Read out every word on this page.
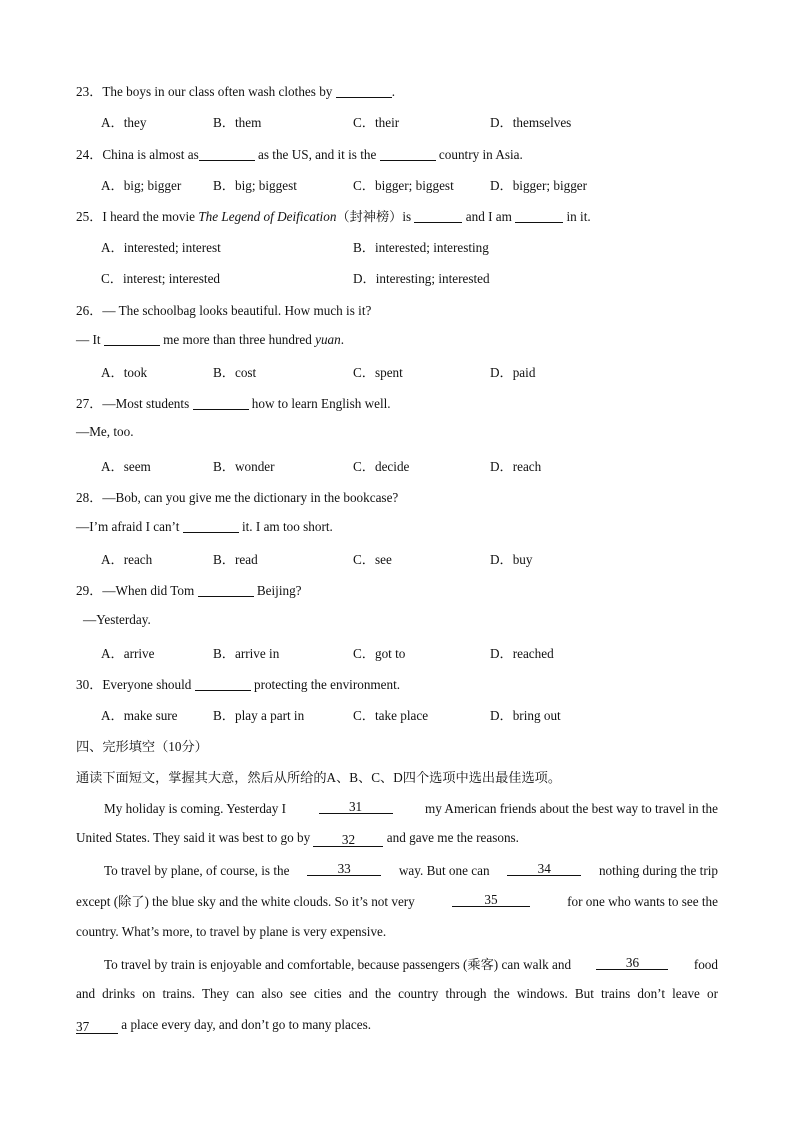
23．The boys in our class often wash clothes by	.
A．they	B．them	C．their	D．themselves
24．China is almost as	as the US, and it is the	country in Asia.
A．big; bigger B．big; biggest	C．bigger; biggest	D．bigger; bigger
25．I heard the movie The Legend of Deification（封神榜）is	and I am	in it.
A．interested; interest	B．interested; interesting
C．interest; interested	D．interesting; interested
26．— The schoolbag looks beautiful. How much is it?
— It	me more than three hundred yuan.
A．took	B．cost	C．spent	D．paid
27．—Most students	how to learn English well.
—Me, too.
A．seem	B．wonder	C．decide	D．reach
28．—Bob, can you give me the dictionary in the bookcase?
—I’m afraid I can’t	it. I am too short.
A．reach	B．read	C．see	D．buy
29．—When did Tom	Beijing?
—Yesterday.
A．arrive	B．arrive in	C．got to	D．reached
30．Everyone should	protecting the environment.
A．make sure	B．play a part in	C．take place	D．bring out
四、完形填空（10分）
通读下面短文，掌握其大意，然后从所给的A、B、C、D四个选项中选出最佳选项。
My holiday is coming. Yesterday I	31	my American friends about the best way to travel in the
United States. They said it was best to go by 32 and gave me the reasons.
To travel by plane, of course, is the	33	way. But one can	34	nothing during the trip
except (除了) the blue sky and the white clouds. So it’s not very	35	for one who wants to see the
country. What’s more, to travel by plane is very expensive.
To travel by train is enjoyable and comfortable, because passengers (乘客) can walk and	36	food
and drinks on trains. They can also see cities and the country through the windows. But trains don’t leave or
37 a place every day, and don’t go to many places.
